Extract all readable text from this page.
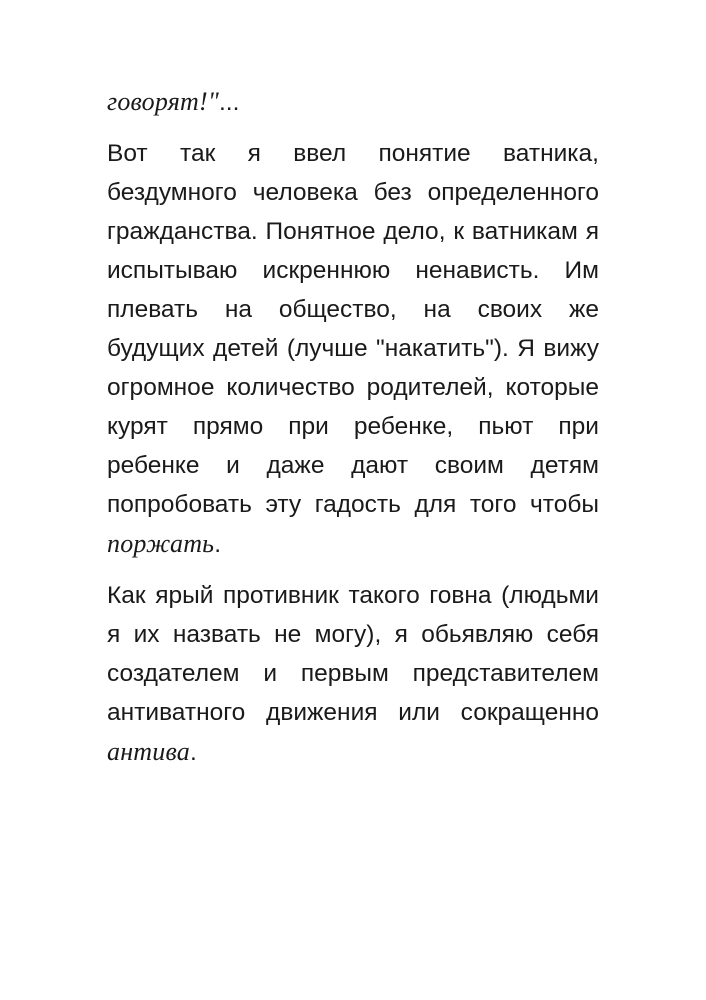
говорят!"...

Вот так я ввел понятие ватника, бездумного человека без определенного гражданства. Понятное дело, к ватникам я испытываю искреннюю ненависть. Им плевать на общество, на своих же будущих детей (лучше "накатить"). Я вижу огромное количество родителей, которые курят прямо при ребенке, пьют при ребенке и даже дают своим детям попробовать эту гадость для того чтобы поржать.

Как ярый противник такого говна (людьми я их назвать не могу), я обьявляю себя создателем и первым представителем антиватного движения или сокращенно антива.
